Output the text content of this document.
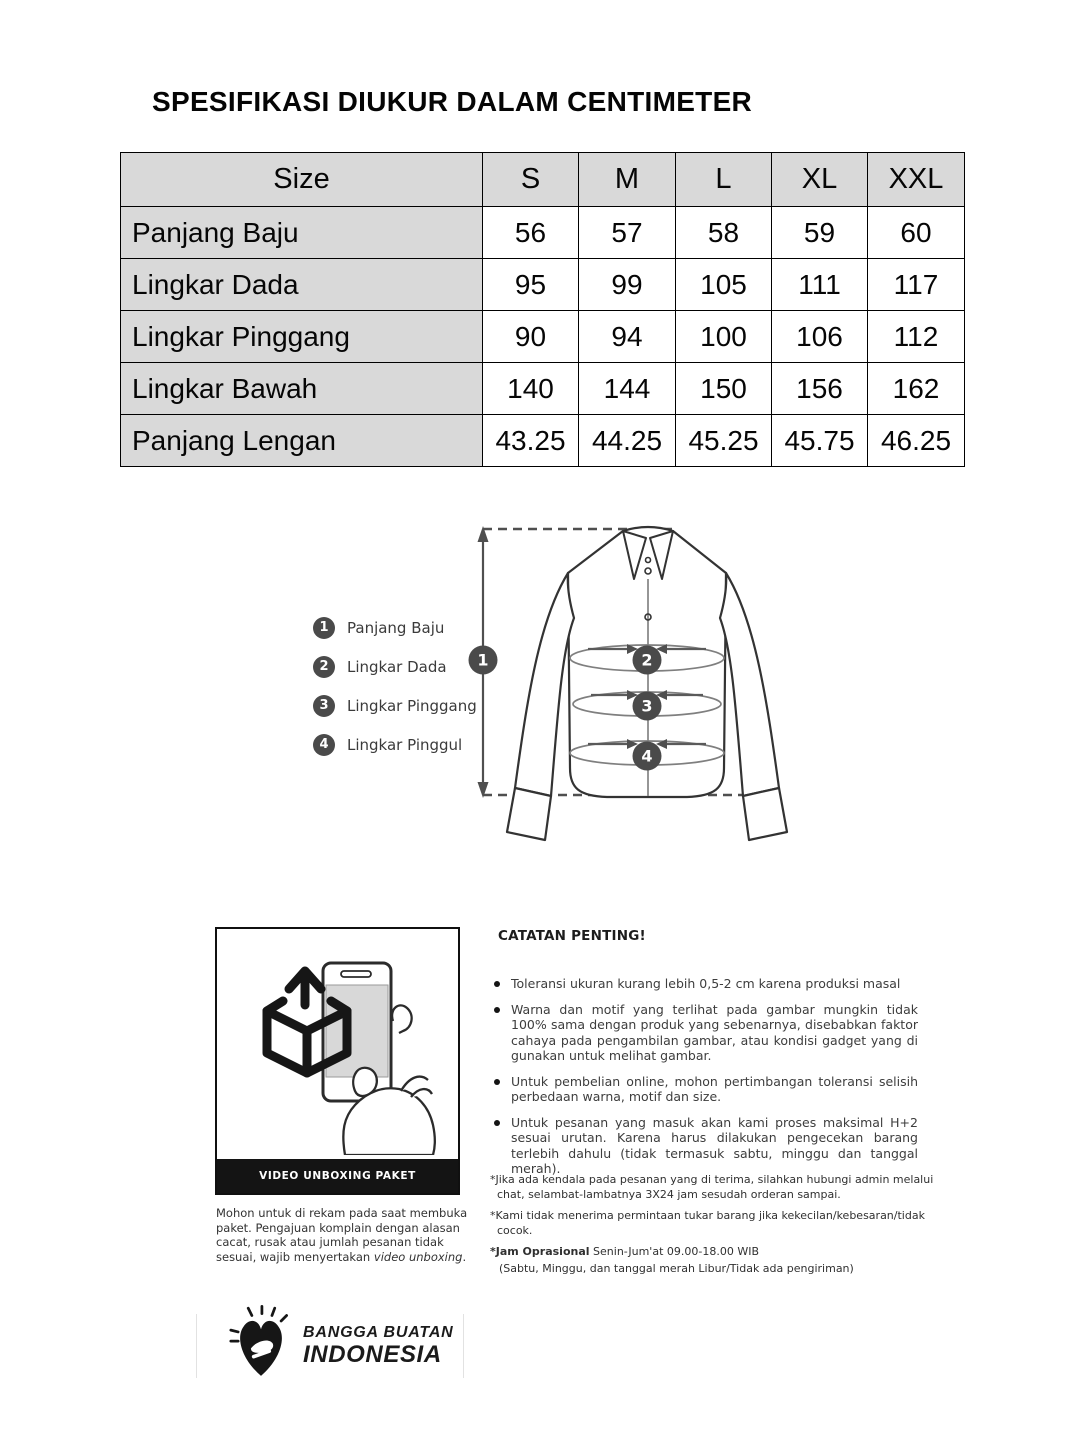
SPESIFIKASI DIUKUR DALAM CENTIMETER
Size	S	M	L	XL	XXL
Panjang Baju	56	57	58	59	60
Lingkar Dada	95	99	105	111	117
Lingkar Pinggang	90	94	100	106	112
Lingkar Bawah	140	144	150	156	162
Panjang Lengan	43.25	44.25	45.25	45.75	46.25
1	Panjang Baju
2	Lingkar Dada
3	Lingkar Pinggang
4	Lingkar Pinggul
1	2
3
4
VIDEO UNBOXING PAKET

Mohon untuk di rekam pada saat membuka paket. Pengajuan komplain dengan alasan cacat, rusak atau jumlah pesanan tidak sesuai, wajib menyertakan video unboxing.

CATATAN PENTING!
Toleransi ukuran kurang lebih 0,5-2 cm karena produksi masal
Warna dan motif yang terlihat pada gambar mungkin tidak 100% sama dengan produk yang sebenarnya, disebabkan faktor cahaya pada pengambilan gambar, atau kondisi gadget yang di gunakan untuk melihat gambar.
Untuk pembelian online, mohon pertimbangan toleransi selisih perbedaan warna, motif dan size.
Untuk pesanan yang masuk akan kami proses maksimal H+2 sesuai urutan. Karena harus dilakukan pengecekan barang terlebih dahulu (tidak termasuk sabtu, minggu dan tanggal merah).

*Jika ada kendala pada pesanan yang di terima, silahkan hubungi admin melalui chat, selambat-lambatnya 3X24 jam sesudah orderan sampai.

*Kami tidak menerima permintaan tukar barang jika kekecilan/kebesaran/tidak cocok.

*Jam Oprasional Senin-Jum'at 09.00-18.00 WIB

(Sabtu, Minggu, dan tanggal merah Libur/Tidak ada pengiriman)

BANGGA BUATAN
INDONESIA
